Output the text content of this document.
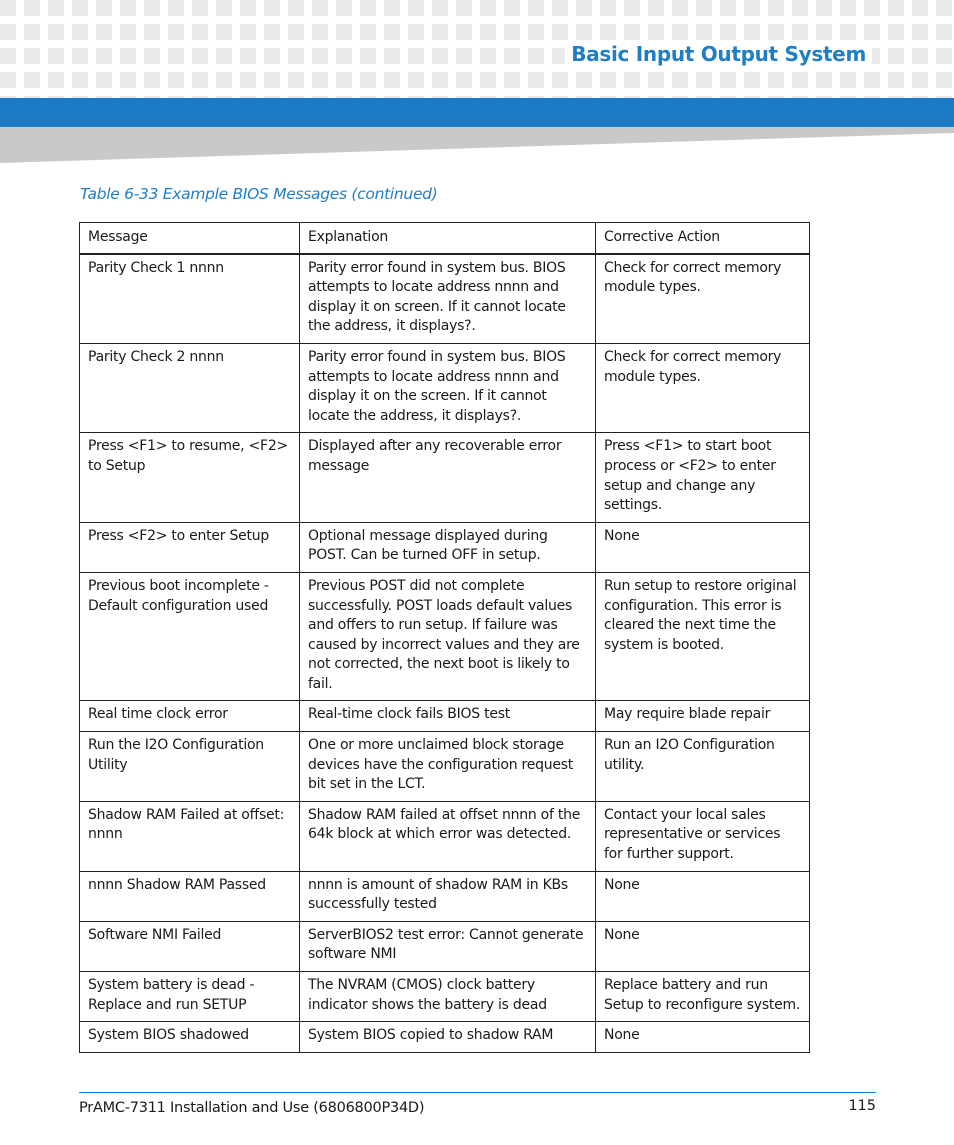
Basic Input Output System
Table 6-33 Example BIOS Messages (continued)
Message	Explanation	Corrective Action
Parity Check 1 nnnn	Parity error found in system bus. BIOS attempts to locate address nnnn and display it on screen. If it cannot locate the address, it displays?.	Check for correct memory module types.
Parity Check 2 nnnn	Parity error found in system bus. BIOS attempts to locate address nnnn and display it on the screen. If it cannot locate the address, it displays?.	Check for correct memory module types.
Press <F1> to resume, <F2> to Setup	Displayed after any recoverable error message	Press <F1> to start boot process or <F2> to enter setup and change any settings.
Press <F2> to enter Setup	Optional message displayed during POST. Can be turned OFF in setup.	None
Previous boot incomplete - Default configuration used	Previous POST did not complete successfully. POST loads default values and offers to run setup. If failure was caused by incorrect values and they are not corrected, the next boot is likely to fail.	Run setup to restore original configuration. This error is cleared the next time the system is booted.
Real time clock error	Real-time clock fails BIOS test	May require blade repair
Run the I2O Configuration Utility	One or more unclaimed block storage devices have the configuration request bit set in the LCT.	Run an I2O Configuration utility.
Shadow RAM Failed at offset: nnnn	Shadow RAM failed at offset nnnn of the 64k block at which error was detected.	Contact your local sales representative or services for further support.
nnnn Shadow RAM Passed	nnnn is amount of shadow RAM in KBs successfully tested	None
Software NMI Failed	ServerBIOS2 test error: Cannot generate software NMI	None
System battery is dead - Replace and run SETUP	The NVRAM (CMOS) clock battery indicator shows the battery is dead	Replace battery and run Setup to reconfigure system.
System BIOS shadowed	System BIOS copied to shadow RAM	None
PrAMC-7311 Installation and Use (6806800P34D)	115
